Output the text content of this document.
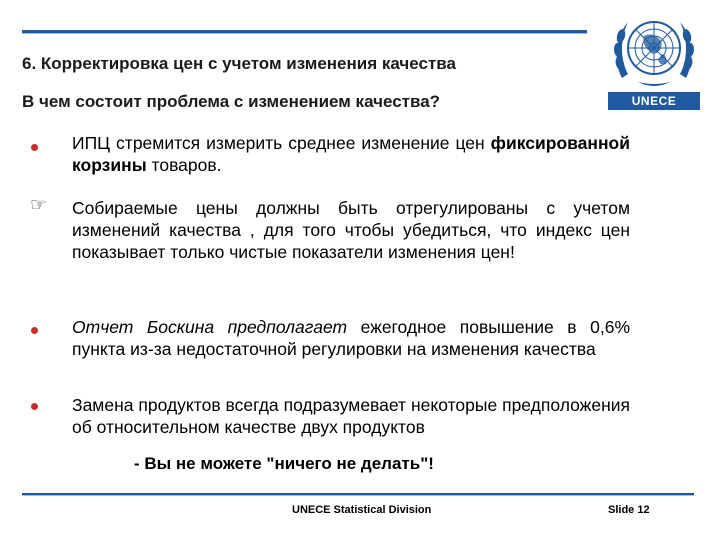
6. Корректировка цен с учетом изменения качества
В чем состоит проблема с изменением качества?	UNECE
ИПЦ стремится измерить среднее изменение цен фиксированной корзины товаров.
☞ Собираемые цены должны быть отрегулированы с учетом изменений качества , для того чтобы убедиться, что индекс цен показывает только чистые показатели изменения цен!
Отчет Боскина предполагает ежегодное повышение в 0,6% пункта из-за недостаточной регулировки на изменения качества
Замена продуктов всегда подразумевает некоторые предположения об относительном качестве двух продуктов
- Вы не можете "ничего не делать"!
UNECE Statistical Division	Slide 12
